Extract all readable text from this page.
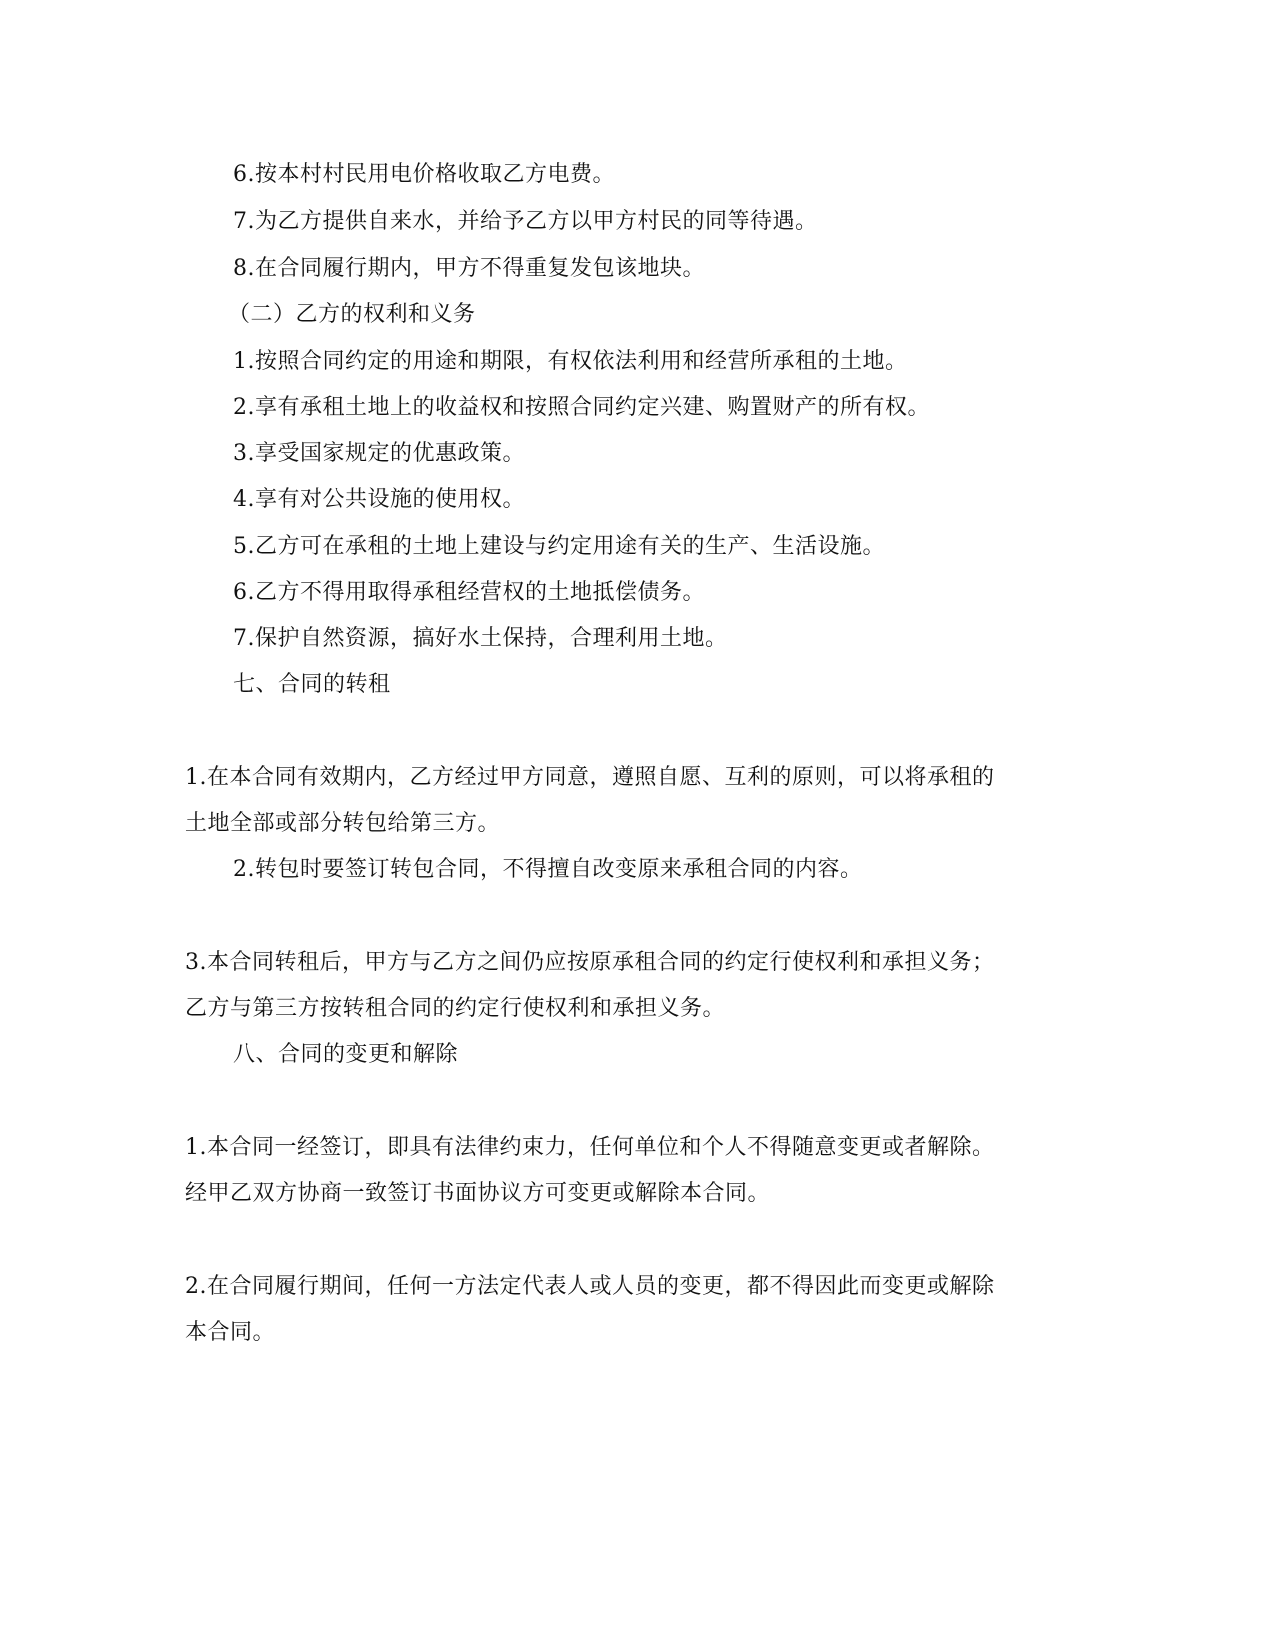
6.按本村村民用电价格收取乙方电费。
7.为乙方提供自来水，并给予乙方以甲方村民的同等待遇。
8.在合同履行期内，甲方不得重复发包该地块。
（二）乙方的权利和义务
1.按照合同约定的用途和期限，有权依法利用和经营所承租的土地。
2.享有承租土地上的收益权和按照合同约定兴建、购置财产的所有权。
3.享受国家规定的优惠政策。
4.享有对公共设施的使用权。
5.乙方可在承租的土地上建设与约定用途有关的生产、生活设施。
6.乙方不得用取得承租经营权的土地抵偿债务。
7.保护自然资源，搞好水土保持，合理利用土地。
七、合同的转租
1.在本合同有效期内，乙方经过甲方同意，遵照自愿、互利的原则，可以将承租的
土地全部或部分转包给第三方。
2.转包时要签订转包合同，不得擅自改变原来承租合同的内容。
3.本合同转租后，甲方与乙方之间仍应按原承租合同的约定行使权利和承担义务；
乙方与第三方按转租合同的约定行使权利和承担义务。
八、合同的变更和解除
1.本合同一经签订，即具有法律约束力，任何单位和个人不得随意变更或者解除。
经甲乙双方协商一致签订书面协议方可变更或解除本合同。
2.在合同履行期间，任何一方法定代表人或人员的变更，都不得因此而变更或解除
本合同。
